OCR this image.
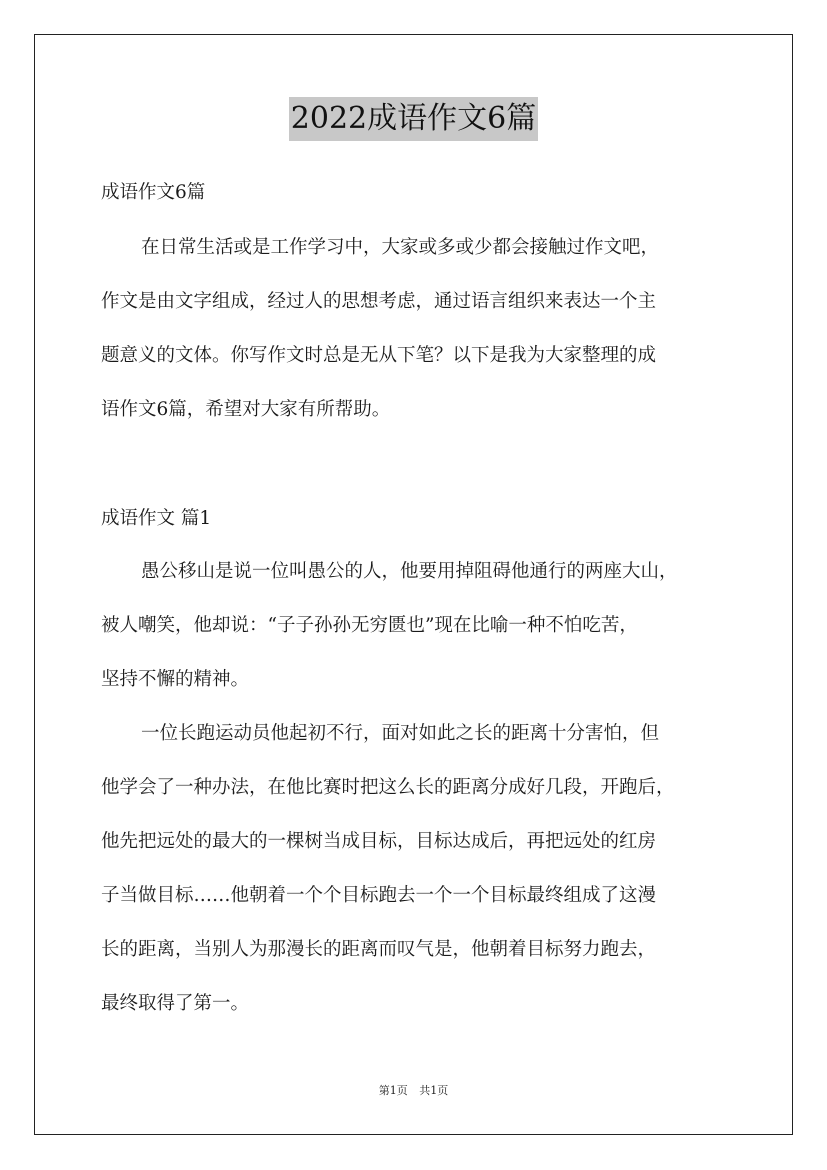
2022成语作文6篇
成语作文6篇
在日常生活或是工作学习中，大家或多或少都会接触过作文吧，
作文是由文字组成，经过人的思想考虑，通过语言组织来表达一个主
题意义的文体。你写作文时总是无从下笔？以下是我为大家整理的成
语作文6篇，希望对大家有所帮助。
成语作文 篇1
愚公移山是说一位叫愚公的人，他要用掉阻碍他通行的两座大山，
被人嘲笑，他却说：“子子孙孙无穷匮也”现在比喻一种不怕吃苦，
坚持不懈的精神。
一位长跑运动员他起初不行，面对如此之长的距离十分害怕，但
他学会了一种办法，在他比赛时把这么长的距离分成好几段，开跑后，
他先把远处的最大的一棵树当成目标，目标达成后，再把远处的红房
子当做目标……他朝着一个个目标跑去一个一个目标最终组成了这漫
长的距离，当别人为那漫长的距离而叹气是，他朝着目标努力跑去，
最终取得了第一。
第1页 共1页
